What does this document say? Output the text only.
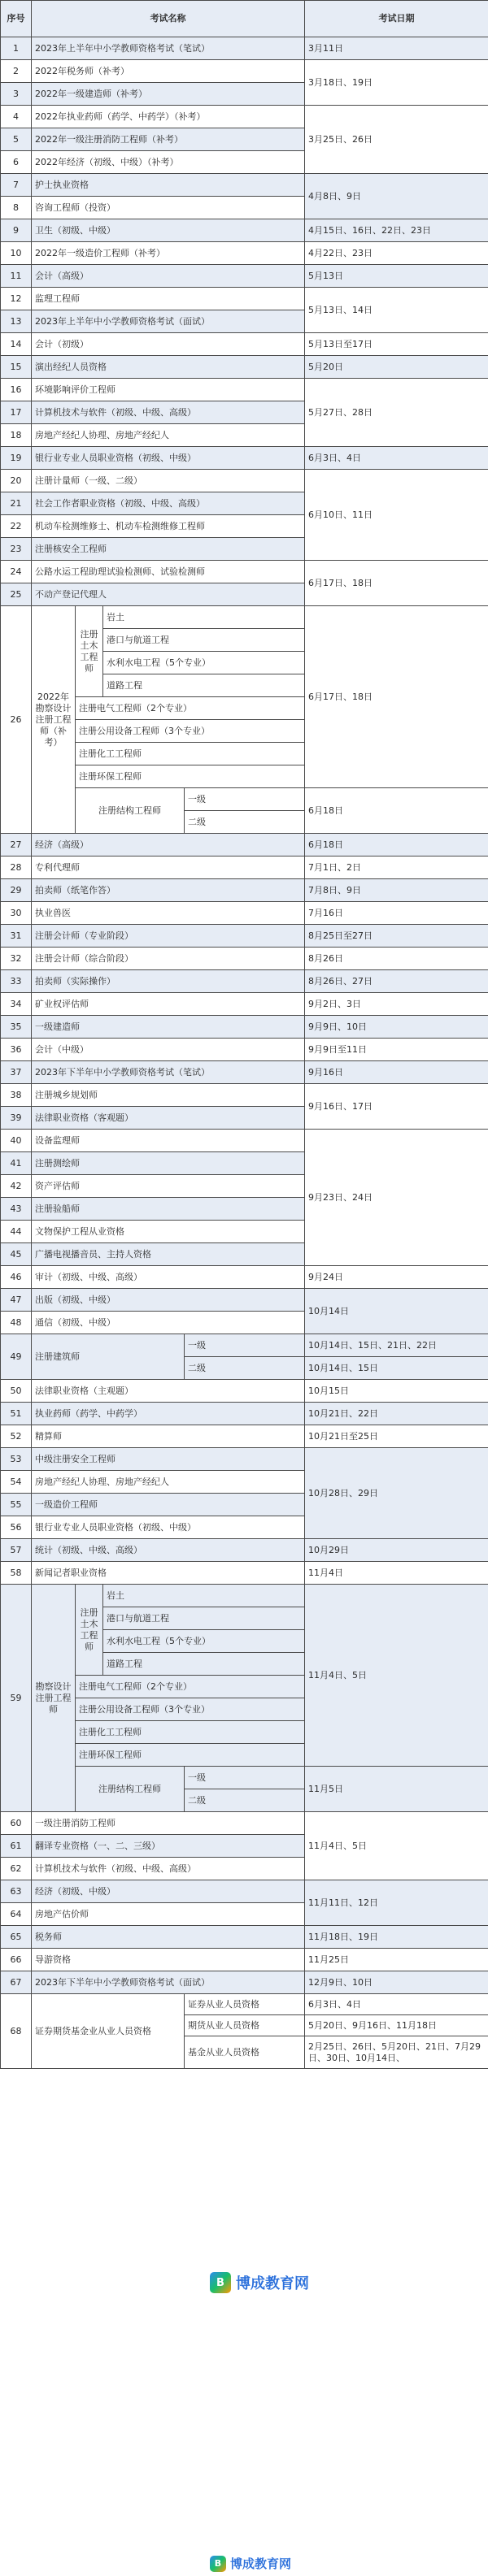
序号	考试名称				考试日期
1	2023年上半年中小学教师资格考试（笔试）				3月11日
2	2022年税务师（补考）				3月18日、19日
3	2022年一级建造师（补考）				
4	2022年执业药师（药学、中药学）（补考）				3月25日、26日
5	2022年一级注册消防工程师（补考）				
6	2022年经济（初级、中级）（补考）				
7	护士执业资格				4月8日、9日
8	咨询工程师（投资）				
9	卫生（初级、中级）				4月15日、16日、22日、23日
10	2022年一级造价工程师（补考）				4月22日、23日
11	会计（高级）				5月13日
12	监理工程师				5月13日、14日
13	2023年上半年中小学教师资格考试（面试）				
14	会计（初级）				5月13日至17日
15	演出经纪人员资格				5月20日
16	环境影响评价工程师				5月27日、28日
17	计算机技术与软件（初级、中级、高级）				
18	房地产经纪人协理、房地产经纪人				
19	银行业专业人员职业资格（初级、中级）				6月3日、4日
20	注册计量师（一级、二级）				6月10日、11日
21	社会工作者职业资格（初级、中级、高级）				
22	机动车检测维修士、机动车检测维修工程师				
23	注册核安全工程师				
24	公路水运工程助理试验检测师、试验检测师				6月17日、18日
25	不动产登记代理人				
26	2022年勘察设计注册工程师（补考）	注册土木工程师	岩土		6月17日、18日
			港口与航道工程		
			水利水电工程（5个专业）		
			道路工程		
		注册电气工程师（2个专业）			
		注册公用设备工程师（3个专业）			
		注册化工工程师			
		注册环保工程师			
		注册结构工程师		一级	6月18日
				二级	
27	经济（高级）				6月18日
28	专利代理师				7月1日、2日
29	拍卖师（纸笔作答）				7月8日、9日
30	执业兽医				7月16日
31	注册会计师（专业阶段）				8月25日至27日
32	注册会计师（综合阶段）				8月26日
33	拍卖师（实际操作）				8月26日、27日
34	矿业权评估师				9月2日、3日
35	一级建造师				9月9日、10日
36	会计（中级）				9月9日至11日
37	2023年下半年中小学教师资格考试（笔试）				9月16日
38	注册城乡规划师				9月16日、17日
39	法律职业资格（客观题）				
40	设备监理师				9月23日、24日
41	注册测绘师				
42	资产评估师				
43	注册验船师				
44	文物保护工程从业资格				
45	广播电视播音员、主持人资格				
46	审计（初级、中级、高级）				9月24日
47	出版（初级、中级）				10月14日
48	通信（初级、中级）				
49	注册建筑师			一级	10月14日、15日、21日、22日
				二级	10月14日、15日
50	法律职业资格（主观题）				10月15日
51	执业药师（药学、中药学）				10月21日、22日
52	精算师				10月21日至25日
53	中级注册安全工程师				10月28日、29日
54	房地产经纪人协理、房地产经纪人				
55	一级造价工程师				
56	银行业专业人员职业资格（初级、中级）				
57	统计（初级、中级、高级）				10月29日
58	新闻记者职业资格				11月4日
59	勘察设计注册工程师	注册土木工程师	岩土		11月4日、5日
			港口与航道工程		
			水利水电工程（5个专业）		
			道路工程		
		注册电气工程师（2个专业）			
		注册公用设备工程师（3个专业）			
		注册化工工程师			
		注册环保工程师			
		注册结构工程师		一级	11月5日
				二级	
60	一级注册消防工程师				11月4日、5日
61	翻译专业资格（一、二、三级）				
62	计算机技术与软件（初级、中级、高级）				
63	经济（初级、中级）				11月11日、12日
64	房地产估价师				
65	税务师				11月18日、19日
66	导游资格				11月25日
67	2023年下半年中小学教师资格考试（面试）				12月9日、10日
68	证券期货基金业从业人员资格			证券从业人员资格	6月3日、4日
				期货从业人员资格	5月20日、9月16日、11月18日
				基金从业人员资格	2月25日、26日、5月20日、21日、7月29日、30日、10月14日、
B 博成教育网
B 博成教育网
